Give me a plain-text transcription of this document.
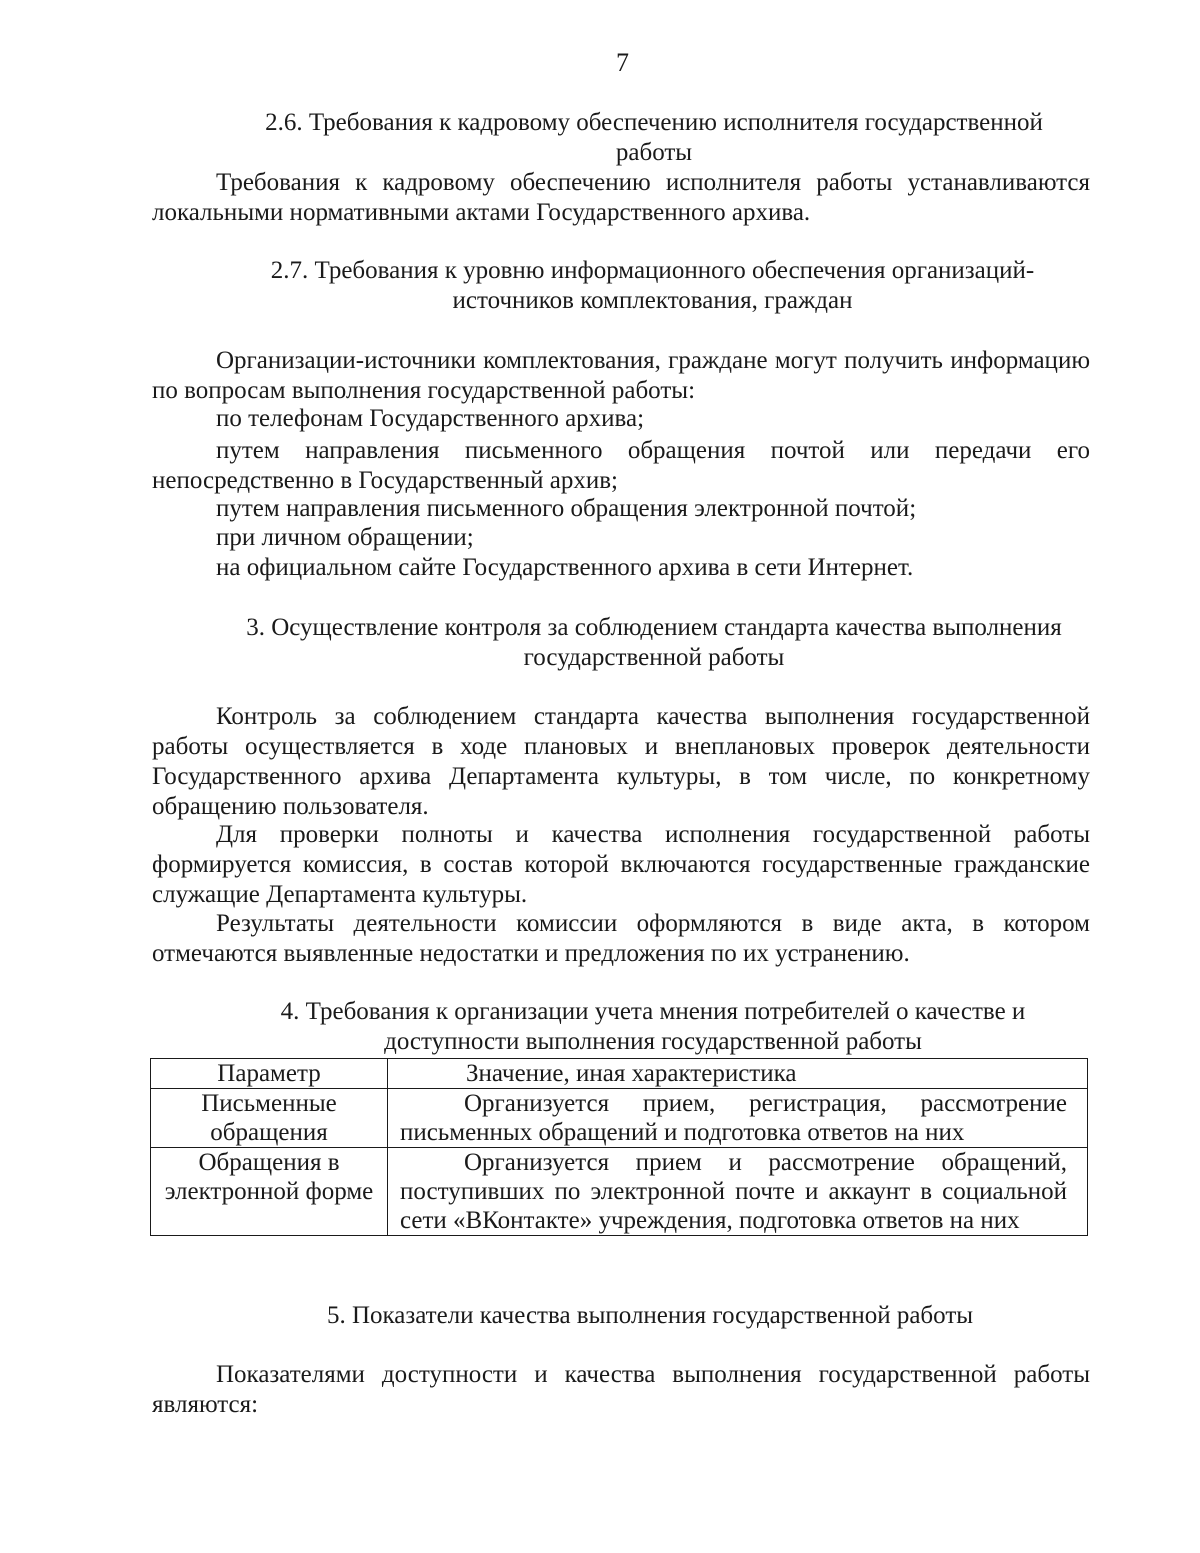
7
2.6. Требования к кадровому обеспечению исполнителя государственной работы

Требования к кадровому обеспечению исполнителя работы устанавливаются локальными нормативными актами Государственного архива.

2.7. Требования к уровню информационного обеспечения организаций-источников комплектования, граждан

Организации-источники комплектования, граждане могут получить информацию по вопросам выполнения государственной работы:

по телефонам Государственного архива;

путем направления письменного обращения почтой или передачи его непосредственно в Государственный архив;

путем направления письменного обращения электронной почтой;

при личном обращении;

на официальном сайте Государственного архива в сети Интернет.

3. Осуществление контроля за соблюдением стандарта качества выполнения государственной работы

Контроль за соблюдением стандарта качества выполнения государственной работы осуществляется в ходе плановых и внеплановых проверок деятельности Государственного архива Департамента культуры, в том числе, по конкретному обращению пользователя.

Для проверки полноты и качества исполнения государственной работы формируется комиссия, в состав которой включаются государственные гражданские служащие Департамента культуры.

Результаты деятельности комиссии оформляются в виде акта, в котором отмечаются выявленные недостатки и предложения по их устранению.

4. Требования к организации учета мнения потребителей о качестве и доступности выполнения государственной работы
Параметр	Значение, иная характеристика
Письменные обращения	Организуется прием, регистрация, рассмотрение письменных обращений и подготовка ответов на них
Обращения в электронной форме	Организуется прием и рассмотрение обращений, поступивших по электронной почте и аккаунт в социальной сети «ВКонтакте» учреждения, подготовка ответов на них
5. Показатели качества выполнения государственной работы

Показателями доступности и качества выполнения государственной работы являются:
